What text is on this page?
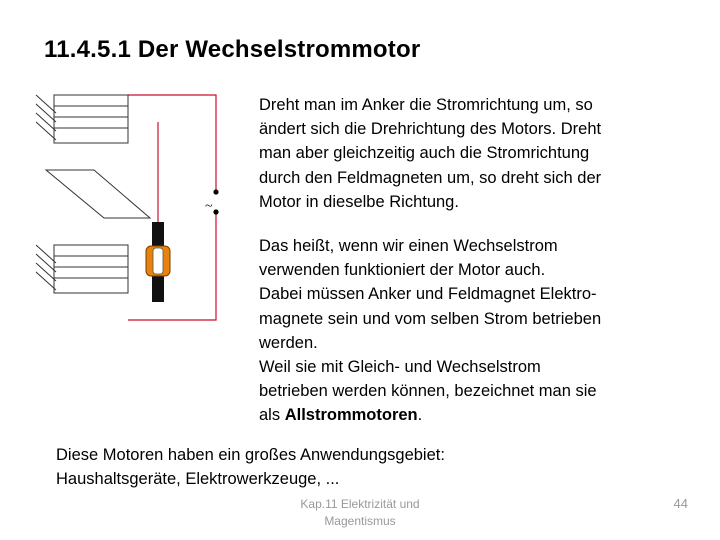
11.4.5.1 Der Wechselstrommotor
~
Dreht man im Anker die Stromrichtung um, so
ändert sich die Drehrichtung des Motors. Dreht
man aber gleichzeitig auch die Stromrichtung
durch den Feldmagneten um, so dreht sich der
Motor in dieselbe Richtung.
Das heißt, wenn wir einen Wechselstrom
verwenden funktioniert der Motor auch.
Dabei müssen Anker und Feldmagnet Elektro-
magnete sein und vom selben Strom betrieben
werden.
Weil sie mit Gleich- und Wechselstrom
betrieben werden können, bezeichnet man sie
als Allstrommotoren.
Diese Motoren haben ein großes Anwendungsgebiet:
Haushaltsgeräte, Elektrowerkzeuge, ...
Kap.11 Elektrizität und
Magentismus
44
